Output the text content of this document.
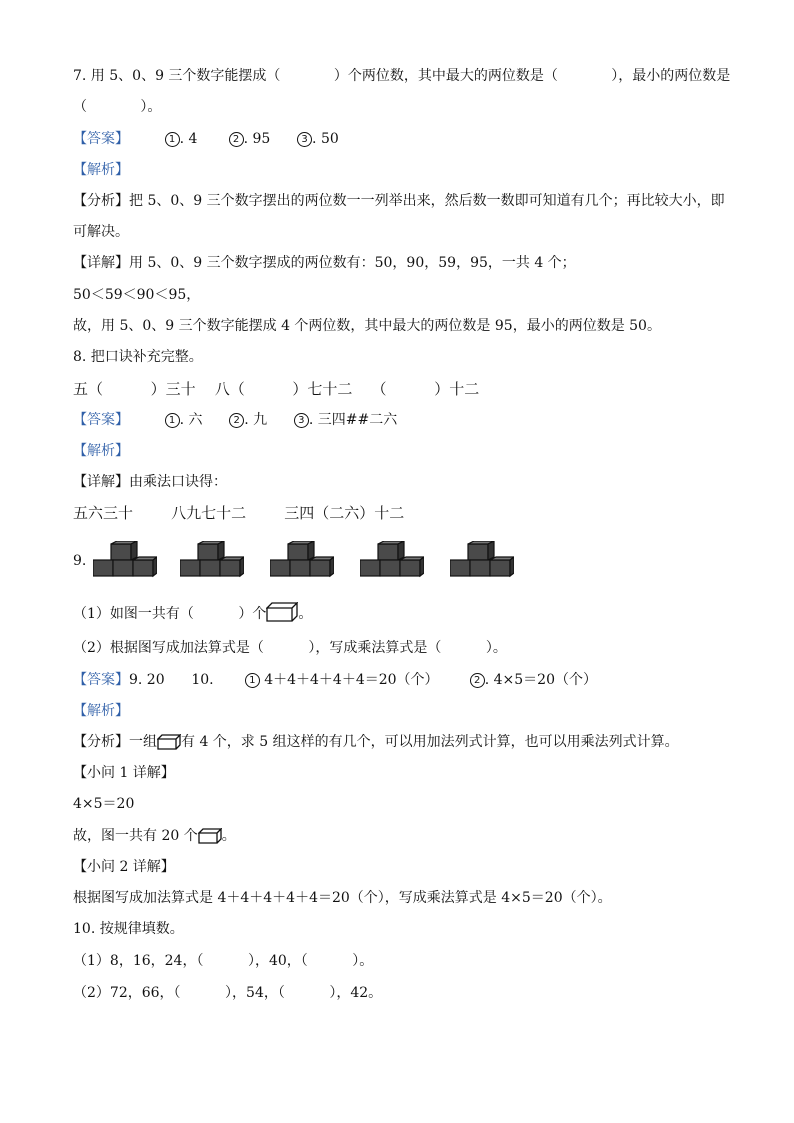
7. 用 5、0、9 三个数字能摆成（            ）个两位数，其中最大的两位数是（            ），最小的两位数是
（            ）。
【答案】	1 . 4	2 . 95	3 . 50
【解析】
【分析】把 5、0、9 三个数字摆出的两位数一一列举出来，然后数一数即可知道有几个；再比较大小，即
可解决。
【详解】用 5、0、9 三个数字摆成的两位数有：50，90，59，95，一共 4 个；
50＜59＜90＜95，
故，用 5、0、9 三个数字能摆成 4 个两位数，其中最大的两位数是 95，最小的两位数是 50。
8. 把口诀补充完整。
五（          ）三十    八（          ）七十二    （          ）十二
【答案】	1 . 六	2 . 九	3 . 三四##二六
【解析】
【详解】由乘法口诀得：
五六三十        八九七十二        三四（二六）十二
9.
（1）如图一共有（          ）个 。
（2）根据图写成加法算式是（          ），写成乘法算式是（          ）。
【答案】9. 20      10.	1 4＋4＋4＋4＋4＝20（个）	2 . 4×5＝20（个）
【解析】
【分析】一组 有 4 个，求 5 组这样的有几个，可以用加法列式计算，也可以用乘法列式计算。
【小问 1 详解】
4×5＝20
故，图一共有 20 个 。
【小问 2 详解】
根据图写成加法算式是 4＋4＋4＋4＋4＝20（个），写成乘法算式是 4×5＝20（个）。
10. 按规律填数。
（1）8，16，24，（          ），40，（          ）。
（2）72，66，（          ），54，（          ），42。
